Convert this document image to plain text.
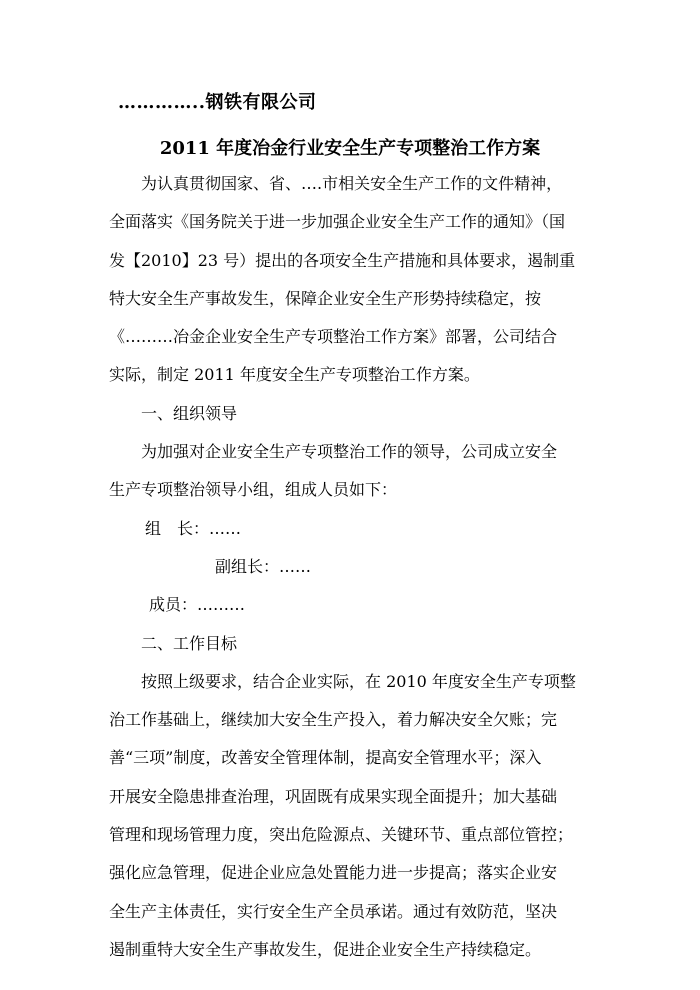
…………..钢铁有限公司
2011 年度冶金行业安全生产专项整治工作方案

为认真贯彻国家、省、….市相关安全生产工作的文件精神，
全面落实《国务院关于进一步加强企业安全生产工作的通知》（国
发【2010】23 号）提出的各项安全生产措施和具体要求，遏制重
特大安全生产事故发生，保障企业安全生产形势持续稳定，按
《………冶金企业安全生产专项整治工作方案》部署，公司结合
实际，制定 2011 年度安全生产专项整治工作方案。

一、组织领导

为加强对企业安全生产专项整治工作的领导，公司成立安全
生产专项整治领导小组，组成人员如下：

组　长：……
副组长：……
成员：………

二、工作目标

按照上级要求，结合企业实际，在 2010 年度安全生产专项整
治工作基础上，继续加大安全生产投入，着力解决安全欠账；完
善“三项”制度，改善安全管理体制，提高安全管理水平；深入
开展安全隐患排查治理，巩固既有成果实现全面提升；加大基础
管理和现场管理力度，突出危险源点、关键环节、重点部位管控；
强化应急管理，促进企业应急处置能力进一步提高；落实企业安
全生产主体责任，实行安全生产全员承诺。通过有效防范，坚决
遏制重特大安全生产事故发生，促进企业安全生产持续稳定。
